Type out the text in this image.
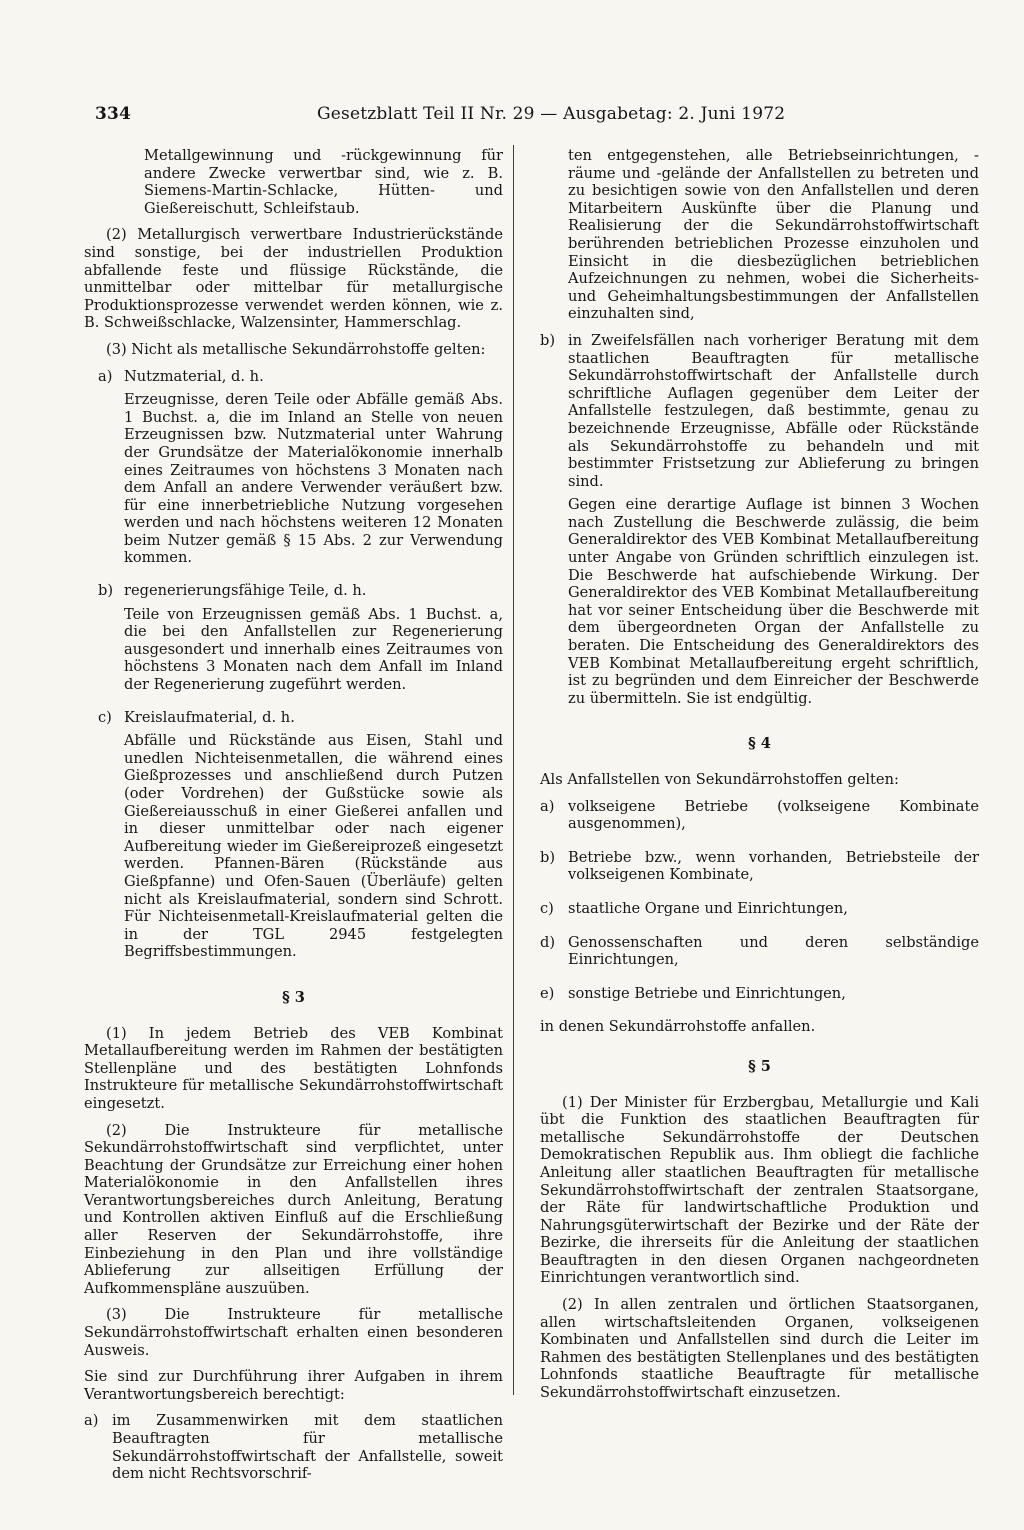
334	Gesetzblatt Teil II Nr. 29 — Ausgabetag: 2. Juni 1972

Metallgewinnung und -rückgewinnung für andere Zwecke verwertbar sind, wie z. B. Siemens-Martin-Schlacke, Hütten- und Gießereischutt, Schleifstaub.

(2) Metallurgisch verwertbare Industrierückstände sind sonstige, bei der industriellen Produktion abfallende feste und flüssige Rückstände, die unmittelbar oder mittelbar für metallurgische Produktionsprozesse verwendet werden können, wie z. B. Schweißschlacke, Walzensinter, Hammerschlag.

(3) Nicht als metallische Sekundärrohstoffe gelten:

a) Nutzmaterial, d. h.

Erzeugnisse, deren Teile oder Abfälle gemäß Abs. 1 Buchst. a, die im Inland an Stelle von neuen Erzeugnissen bzw. Nutzmaterial unter Wahrung der Grundsätze der Materialökonomie innerhalb eines Zeitraumes von höchstens 3 Monaten nach dem Anfall an andere Verwender veräußert bzw. für eine innerbetriebliche Nutzung vorgesehen werden und nach höchstens weiteren 12 Monaten beim Nutzer gemäß § 15 Abs. 2 zur Verwendung kommen.

b) regenerierungsfähige Teile, d. h.

Teile von Erzeugnissen gemäß Abs. 1 Buchst. a, die bei den Anfallstellen zur Regenerierung ausgesondert und innerhalb eines Zeitraumes von höchstens 3 Monaten nach dem Anfall im Inland der Regenerierung zugeführt werden.

c) Kreislaufmaterial, d. h.

Abfälle und Rückstände aus Eisen, Stahl und unedlen Nichteisenmetallen, die während eines Gießprozesses und anschließend durch Putzen (oder Vordrehen) der Gußstücke sowie als Gießereiausschuß in einer Gießerei anfallen und in dieser unmittelbar oder nach eigener Aufbereitung wieder im Gießereiprozeß eingesetzt werden. Pfannen-Bären (Rückstände aus Gießpfanne) und Ofen-Sauen (Überläufe) gelten nicht als Kreislaufmaterial, sondern sind Schrott. Für Nichteisenmetall-Kreislaufmaterial gelten die in der TGL 2945 festgelegten Begriffsbestimmungen.

§ 3

(1) In jedem Betrieb des VEB Kombinat Metallaufbereitung werden im Rahmen der bestätigten Stellenpläne und des bestätigten Lohnfonds Instrukteure für metallische Sekundärrohstoffwirtschaft eingesetzt.

(2) Die Instrukteure für metallische Sekundärrohstoffwirtschaft sind verpflichtet, unter Beachtung der Grundsätze zur Erreichung einer hohen Materialökonomie in den Anfallstellen ihres Verantwortungsbereiches durch Anleitung, Beratung und Kontrollen aktiven Einfluß auf die Erschließung aller Reserven der Sekundärrohstoffe, ihre Einbeziehung in den Plan und ihre vollständige Ablieferung zur allseitigen Erfüllung der Aufkommenspläne auszuüben.

(3) Die Instrukteure für metallische Sekundärrohstoffwirtschaft erhalten einen besonderen Ausweis.

Sie sind zur Durchführung ihrer Aufgaben in ihrem Verantwortungsbereich berechtigt:

a) im Zusammenwirken mit dem staatlichen Beauftragten für metallische Sekundärrohstoffwirtschaft der Anfallstelle, soweit dem nicht Rechtsvorschrif-

ten entgegenstehen, alle Betriebseinrichtungen, -räume und -gelände der Anfallstellen zu betreten und zu besichtigen sowie von den Anfallstellen und deren Mitarbeitern Auskünfte über die Planung und Realisierung der die Sekundärrohstoffwirtschaft berührenden betrieblichen Prozesse einzuholen und Einsicht in die diesbezüglichen betrieblichen Aufzeichnungen zu nehmen, wobei die Sicherheits- und Geheimhaltungsbestimmungen der Anfallstellen einzuhalten sind,

b) in Zweifelsfällen nach vorheriger Beratung mit dem staatlichen Beauftragten für metallische Sekundärrohstoffwirtschaft der Anfallstelle durch schriftliche Auflagen gegenüber dem Leiter der Anfallstelle festzulegen, daß bestimmte, genau zu bezeichnende Erzeugnisse, Abfälle oder Rückstände als Sekundärrohstoffe zu behandeln und mit bestimmter Fristsetzung zur Ablieferung zu bringen sind.

Gegen eine derartige Auflage ist binnen 3 Wochen nach Zustellung die Beschwerde zulässig, die beim Generaldirektor des VEB Kombinat Metallaufbereitung unter Angabe von Gründen schriftlich einzulegen ist. Die Beschwerde hat aufschiebende Wirkung. Der Generaldirektor des VEB Kombinat Metallaufbereitung hat vor seiner Entscheidung über die Beschwerde mit dem übergeordneten Organ der Anfallstelle zu beraten. Die Entscheidung des Generaldirektors des VEB Kombinat Metallaufbereitung ergeht schriftlich, ist zu begründen und dem Einreicher der Beschwerde zu übermitteln. Sie ist endgültig.

§ 4

Als Anfallstellen von Sekundärrohstoffen gelten:

a) volkseigene Betriebe (volkseigene Kombinate ausgenommen),

b) Betriebe bzw., wenn vorhanden, Betriebsteile der volkseigenen Kombinate,

c) staatliche Organe und Einrichtungen,

d) Genossenschaften und deren selbständige Einrichtungen,

e) sonstige Betriebe und Einrichtungen,

in denen Sekundärrohstoffe anfallen.

§ 5

(1) Der Minister für Erzbergbau, Metallurgie und Kali übt die Funktion des staatlichen Beauftragten für metallische Sekundärrohstoffe der Deutschen Demokratischen Republik aus. Ihm obliegt die fachliche Anleitung aller staatlichen Beauftragten für metallische Sekundärrohstoffwirtschaft der zentralen Staatsorgane, der Räte für landwirtschaftliche Produktion und Nahrungsgüterwirtschaft der Bezirke und der Räte der Bezirke, die ihrerseits für die Anleitung der staatlichen Beauftragten in den diesen Organen nachgeordneten Einrichtungen verantwortlich sind.

(2) In allen zentralen und örtlichen Staatsorganen, allen wirtschaftsleitenden Organen, volkseigenen Kombinaten und Anfallstellen sind durch die Leiter im Rahmen des bestätigten Stellenplanes und des bestätigten Lohnfonds staatliche Beauftragte für metallische Sekundärrohstoffwirtschaft einzusetzen.
